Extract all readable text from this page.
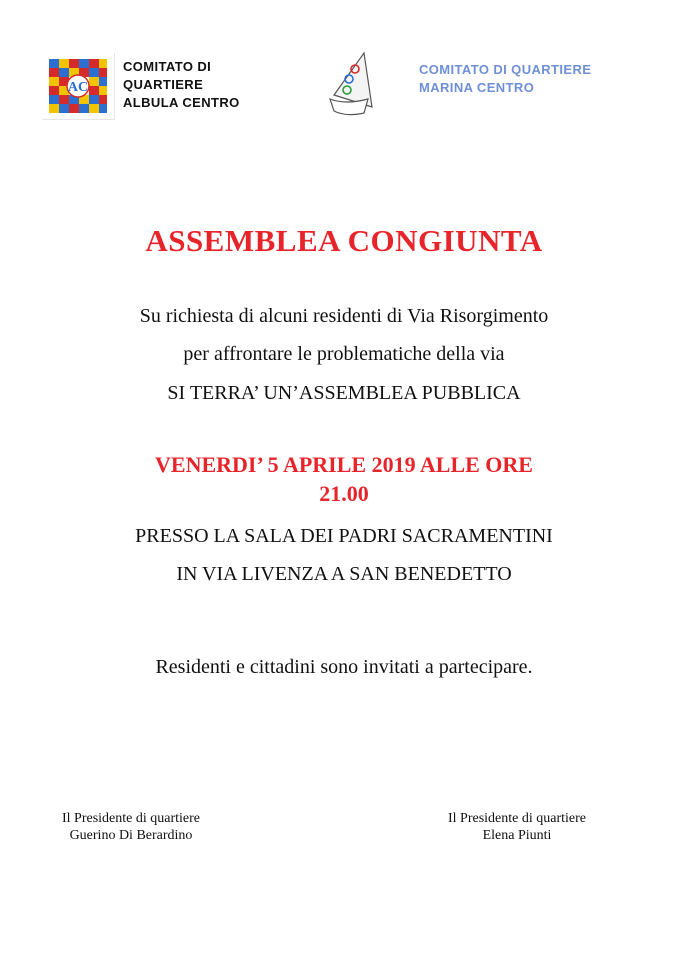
AC
COMITATO DI
QUARTIERE
ALBULA CENTRO
COMITATO DI QUARTIERE
MARINA CENTRO
ASSEMBLEA CONGIUNTA
Su richiesta di alcuni residenti di Via Risorgimento
per affrontare le problematiche della via
SI TERRA’ UN’ASSEMBLEA PUBBLICA
VENERDI’ 5 APRILE 2019 ALLE ORE
21.00
PRESSO LA SALA DEI PADRI SACRAMENTINI
IN VIA LIVENZA A SAN BENEDETTO
Residenti e cittadini sono invitati a partecipare.
Il Presidente di quartiere
Guerino Di Berardino
Il Presidente di quartiere
Elena Piunti
